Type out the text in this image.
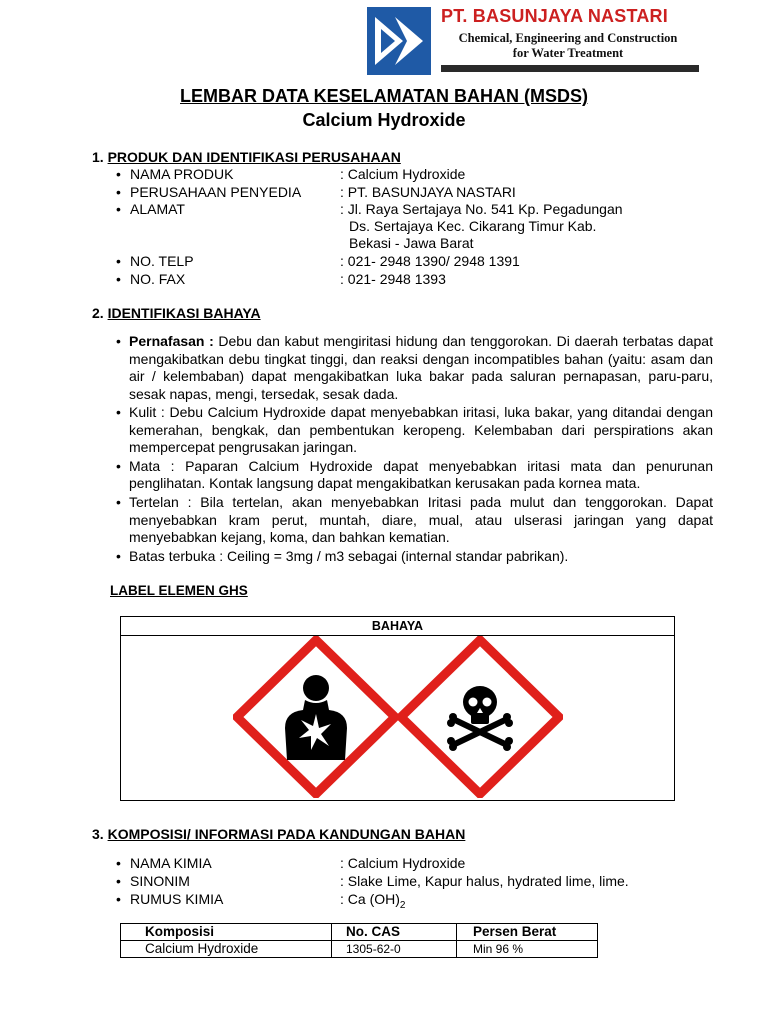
PT. BASUNJAYA NASTARI
Chemical, Engineering and Construction
for Water Treatment
LEMBAR DATA KESELAMATAN BAHAN (MSDS)
Calcium Hydroxide
1. PRODUK DAN IDENTIFIKASI PERUSAHAAN
• NAMA PRODUK	: Calcium Hydroxide
• PERUSAHAAN PENYEDIA	: PT. BASUNJAYA NASTARI
• ALAMAT	: Jl. Raya Sertajaya No. 541 Kp. Pegadungan
Ds. Sertajaya Kec. Cikarang Timur Kab.
Bekasi - Jawa Barat
• NO. TELP	: 021- 2948 1390/ 2948 1391
• NO. FAX	: 021- 2948 1393
2. IDENTIFIKASI BAHAYA
• Pernafasan : Debu dan kabut mengiritasi hidung dan tenggorokan. Di daerah terbatas dapat mengakibatkan debu tingkat tinggi, dan reaksi dengan incompatibles bahan (yaitu: asam dan air / kelembaban) dapat mengakibatkan luka bakar pada saluran pernapasan, paru-paru, sesak napas, mengi, tersedak, sesak dada.
• Kulit : Debu Calcium Hydroxide dapat menyebabkan iritasi, luka bakar, yang ditandai dengan kemerahan, bengkak, dan pembentukan keropeng. Kelembaban dari perspirations akan mempercepat pengrusakan jaringan.
• Mata : Paparan Calcium Hydroxide dapat menyebabkan iritasi mata dan penurunan penglihatan. Kontak langsung dapat mengakibatkan kerusakan pada kornea mata.
• Tertelan : Bila tertelan, akan menyebabkan Iritasi pada mulut dan tenggorokan. Dapat menyebabkan kram perut, muntah, diare, mual, atau ulserasi jaringan yang dapat menyebabkan kejang, koma, dan bahkan kematian.
• Batas terbuka : Ceiling = 3mg / m3 sebagai (internal standar pabrikan).
LABEL ELEMEN GHS
BAHAYA
3. KOMPOSISI/ INFORMASI PADA KANDUNGAN BAHAN
• NAMA KIMIA	: Calcium Hydroxide
• SINONIM	: Slake Lime, Kapur halus, hydrated lime, lime.
• RUMUS KIMIA	: Ca $(OH)_2$
Komposisi	No. CAS	Persen Berat
Calcium Hydroxide	1305-62-0	Min 96 %
